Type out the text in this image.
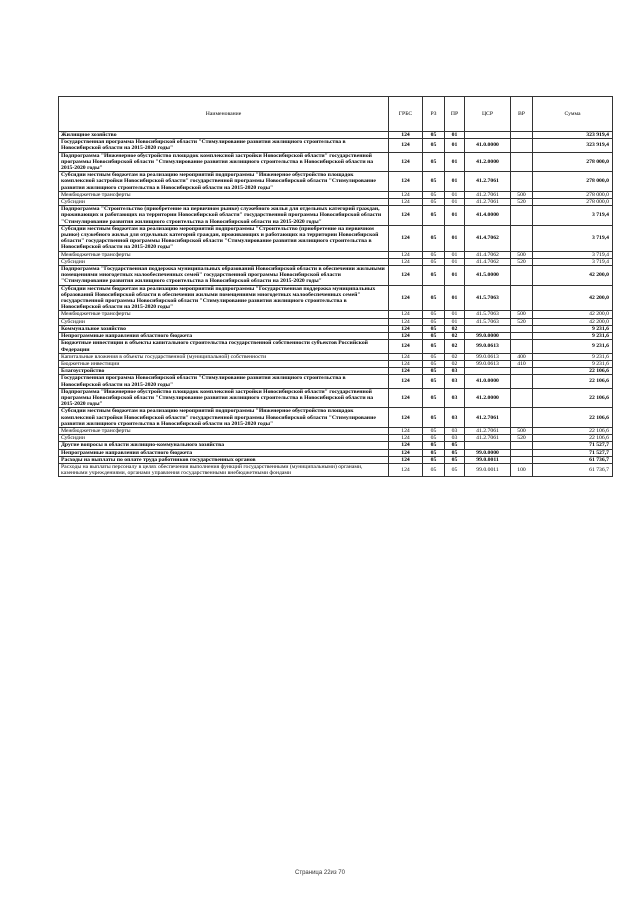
Наименование	ГРБС	РЗ	ПР	ЦСР	ВР	Сумма
Жилищное хозяйство	124	05	01			323 919,4
Государственная программа Новосибирской области "Стимулирование развития жилищного строительства в Новосибирской области на 2015-2020 годы"	124	05	01	41.0.0000		323 919,4
Подпрограмма "Инженерное обустройство площадок комплексной застройки Новосибирской области" государственной программы Новосибирской области "Стимулирование развития жилищного строительства в Новосибирской области на 2015-2020 годы"	124	05	01	41.2.0000		278 000,0
Субсидии местным бюджетам на реализацию мероприятий подпрограммы "Инженерное обустройство площадок комплексной застройки Новосибирской области" государственной программы Новосибирской области "Стимулирование развития жилищного строительства в Новосибирской области на 2015-2020 годы"	124	05	01	41.2.7061		278 000,0
Межбюджетные трансферты	124	05	01	41.2.7061	500	278 000,0
Субсидии	124	05	01	41.2.7061	520	278 000,0
Подпрограмма "Строительство (приобретение на первичном рынке) служебного жилья для отдельных категорий граждан, проживающих и работающих на территории Новосибирской области" государственной программы Новосибирской области "Стимулирование развития жилищного строительства в Новосибирской области на 2015-2020 годы"	124	05	01	41.4.0000		3 719,4
Субсидии местным бюджетам на реализацию мероприятий подпрограммы "Строительство (приобретение на первичном рынке) служебного жилья для отдельных категорий граждан, проживающих и работающих на территории Новосибирской области" государственной программы Новосибирской области "Стимулирование развития жилищного строительства в Новосибирской области на 2015-2020 годы"	124	05	01	41.4.7062		3 719,4
Межбюджетные трансферты	124	05	01	41.4.7062	500	3 719,4
Субсидии	124	05	01	41.4.7062	520	3 719,4
Подпрограмма "Государственная поддержка муниципальных образований Новосибирской области в обеспечении жильными помещениями многодетных малообеспеченных семей" государственной программы Новосибирской области "Стимулирование развития жилищного строительства в Новосибирской области на 2015-2020 годы"	124	05	01	41.5.0000		42 200,0
Субсидии местным бюджетам на реализацию мероприятий подпрограммы "Государственная поддержка муниципальных образований Новосибирской области в обеспечении жилыми помещениями многодетных малообеспеченных семей" государственной программы Новосибирской области "Стимулирование развития жилищного строительства в Новосибирской области на 2015-2020 годы"	124	05	01	41.5.7063		42 200,0
Межбюджетные трансферты	124	05	01	41.5.7063	500	42 200,0
Субсидии	124	05	01	41.5.7063	520	42 200,0
Коммунальное хозяйство	124	05	02			9 231,6
Непрограммные направления областного бюджета	124	05	02	99.0.0000		9 231,6
Бюджетные инвестиции в объекты капитального строительства государственной собственности субъектов Российской Федерации	124	05	02	99.0.0613		9 231,6
Капитальные вложения в объекты государственной (муниципальной) собственности	124	05	02	99.0.0613	400	9 231,6
Бюджетные инвестиции	124	05	02	99.0.0613	410	9 231,6
Благоустройство	124	05	03			22 106,6
Государственная программа Новосибирской области "Стимулирование развития жилищного строительства в Новосибирской области на 2015-2020 годы"	124	05	03	41.0.0000		22 106,6
Подпрограмма "Инженерное обустройство площадок комплексной застройки Новосибирской области" государственной программы Новосибирской области "Стимулирование развития жилищного строительства в Новосибирской области на 2015-2020 годы"	124	05	03	41.2.0000		22 106,6
Субсидии местным бюджетам на реализацию мероприятий подпрограммы "Инженерное обустройство площадок комплексной застройки Новосибирской области" государственной программы Новосибирской области "Стимулирование развития жилищного строительства в Новосибирской области на 2015-2020 годы"	124	05	03	41.2.7061		22 106,6
Межбюджетные трансферты	124	05	03	41.2.7061	500	22 106,6
Субсидии	124	05	03	41.2.7061	520	22 106,6
Другие вопросы в области жилищно-коммунального хозяйства	124	05	05			71 527,7
Непрограммные направления областного бюджета	124	05	05	99.0.0000		71 527,7
Расходы на выплаты по оплате труда работников государственных органов	124	05	05	99.0.0011		61 736,7
Расходы на выплаты персоналу в целях обеспечения выполнения функций государственными (муниципальными) органами, казенными учреждениями, органами управления государственными внебюджетными фондами	124	05	05	99.0.0011	100	61 736,7
Страница 22из 70
